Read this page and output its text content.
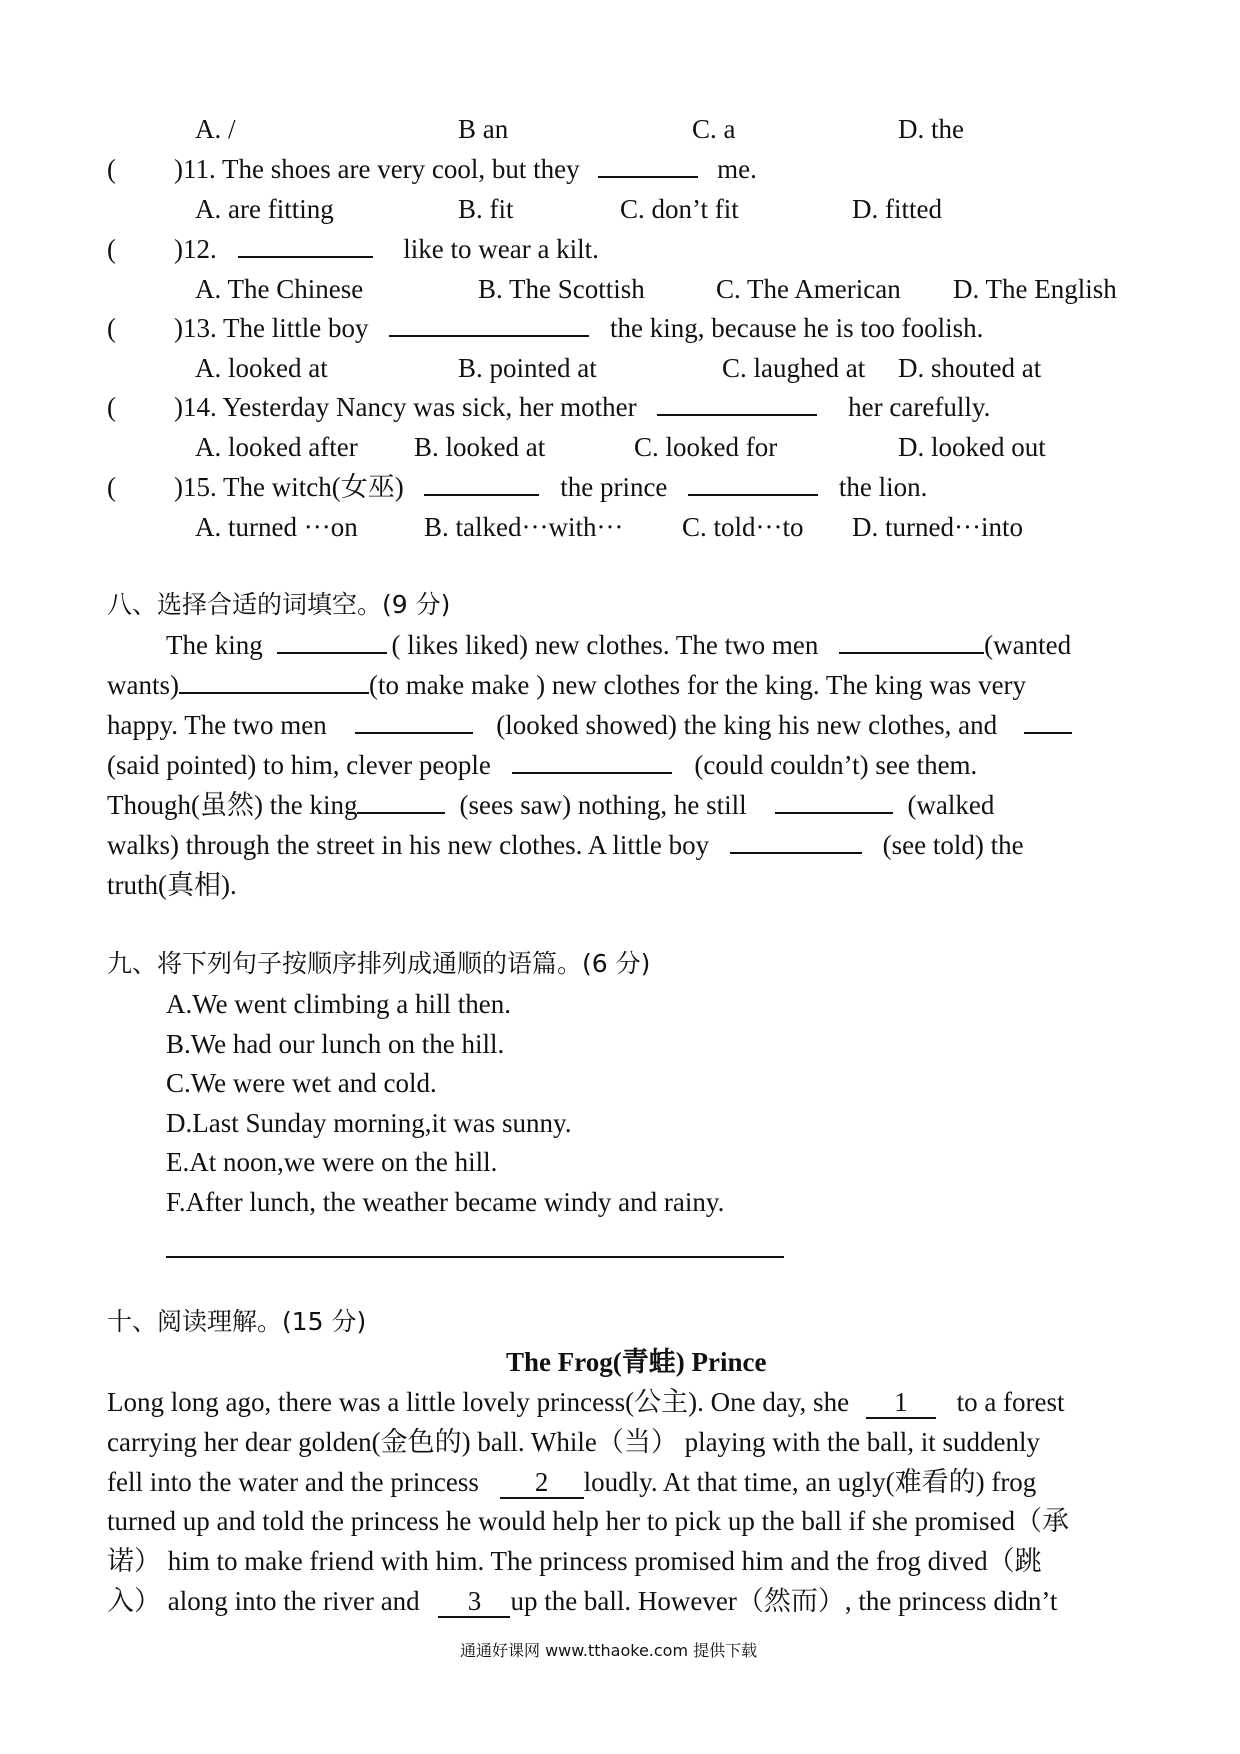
A. /	B an	C. a	D. the
( )11. The shoes are very cool, but they	me.
A. are fitting	B. fit	C. don’t fit	D. fitted
( )12.	like to wear a kilt.
A. The Chinese	B. The Scottish	C. The American D. The English
( )13. The little boy	the king, because he is too foolish.
A. looked at	B. pointed at	C. laughed at D. shouted at
( )14. Yesterday Nancy was sick, her mother	her carefully.
A. looked after B. looked at	C. looked for	D. looked out
( )15. The witch(女巫)	the prince	the lion.
A. turned ···on B. talked···with··· C. told···to D. turned···into
八、选择合适的词填空。(9 分)
The king	( likes liked) new clothes. The two men	(wanted
wants)	(to make make ) new clothes for the king. The king was very
happy. The two men	(looked showed) the king his new clothes, and
(said pointed) to him, clever people	(could couldn’t) see them.
Though(虽然) the king	(sees saw) nothing, he still	(walked
walks) through the street in his new clothes. A little boy	(see told) the
truth(真相).
九、将下列句子按顺序排列成通顺的语篇。(6 分)
A.We went climbing a hill then.
B.We had our lunch on the hill.
C.We were wet and cold.
D.Last Sunday morning,it was sunny.
E.At noon,we were on the hill.
F.After lunch, the weather became windy and rainy.
十、阅读理解。(15 分)
The Frog(青蛙) Prince
Long long ago, there was a little lovely princess(公主). One day, she 1 to a forest
carrying her dear golden(金色的) ball. While（当） playing with the ball, it suddenly
fell into the water and the princess 2 loudly. At that time, an ugly(难看的) frog
turned up and told the princess he would help her to pick up the ball if she promised（承
诺） him to make friend with him. The princess promised him and the frog dived（跳
入） along into the river and 3 up the ball. However（然而）, the princess didn’t
通通好课网 www.tthaoke.com 提供下载
